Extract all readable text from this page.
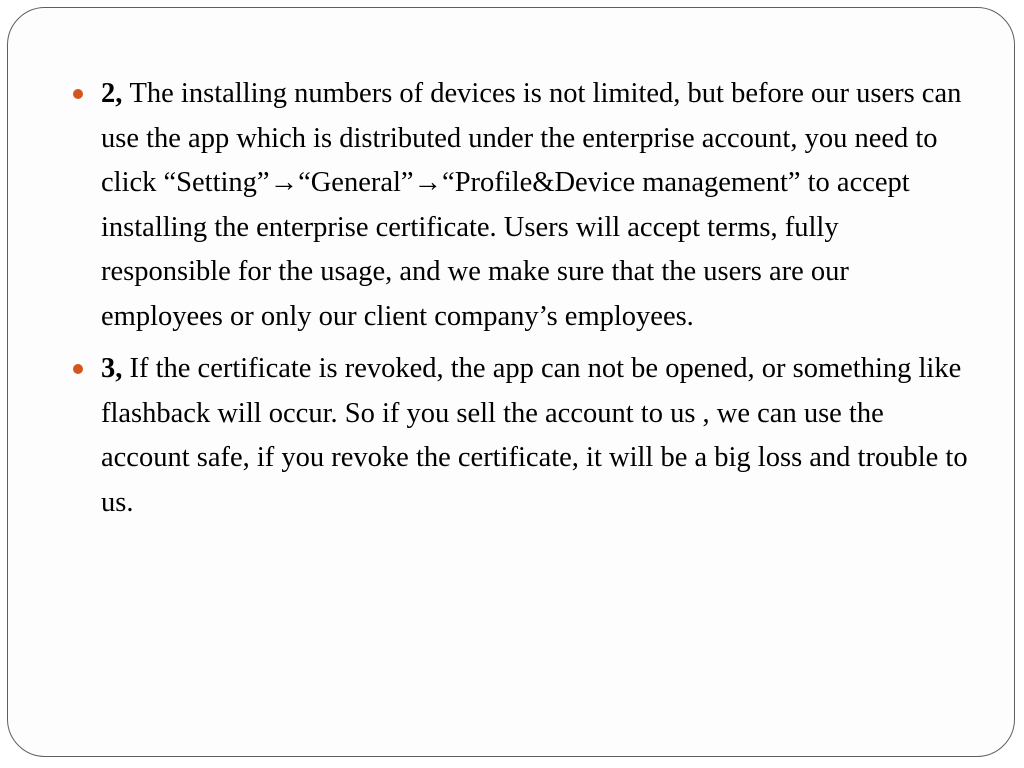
2, The installing numbers of devices is not limited, but before our users can use the app which is distributed under the enterprise account, you need to click “Setting”→“General”→“Profile&Device management” to accept installing the enterprise certificate. Users will accept terms, fully responsible for the usage, and we make sure that the users are our employees or only our client company’s employees.
3, If the certificate is revoked, the app can not be opened, or something like flashback will occur. So if you sell the account to us , we can use the account safe, if you revoke the certificate, it will be a big loss and trouble to us.
